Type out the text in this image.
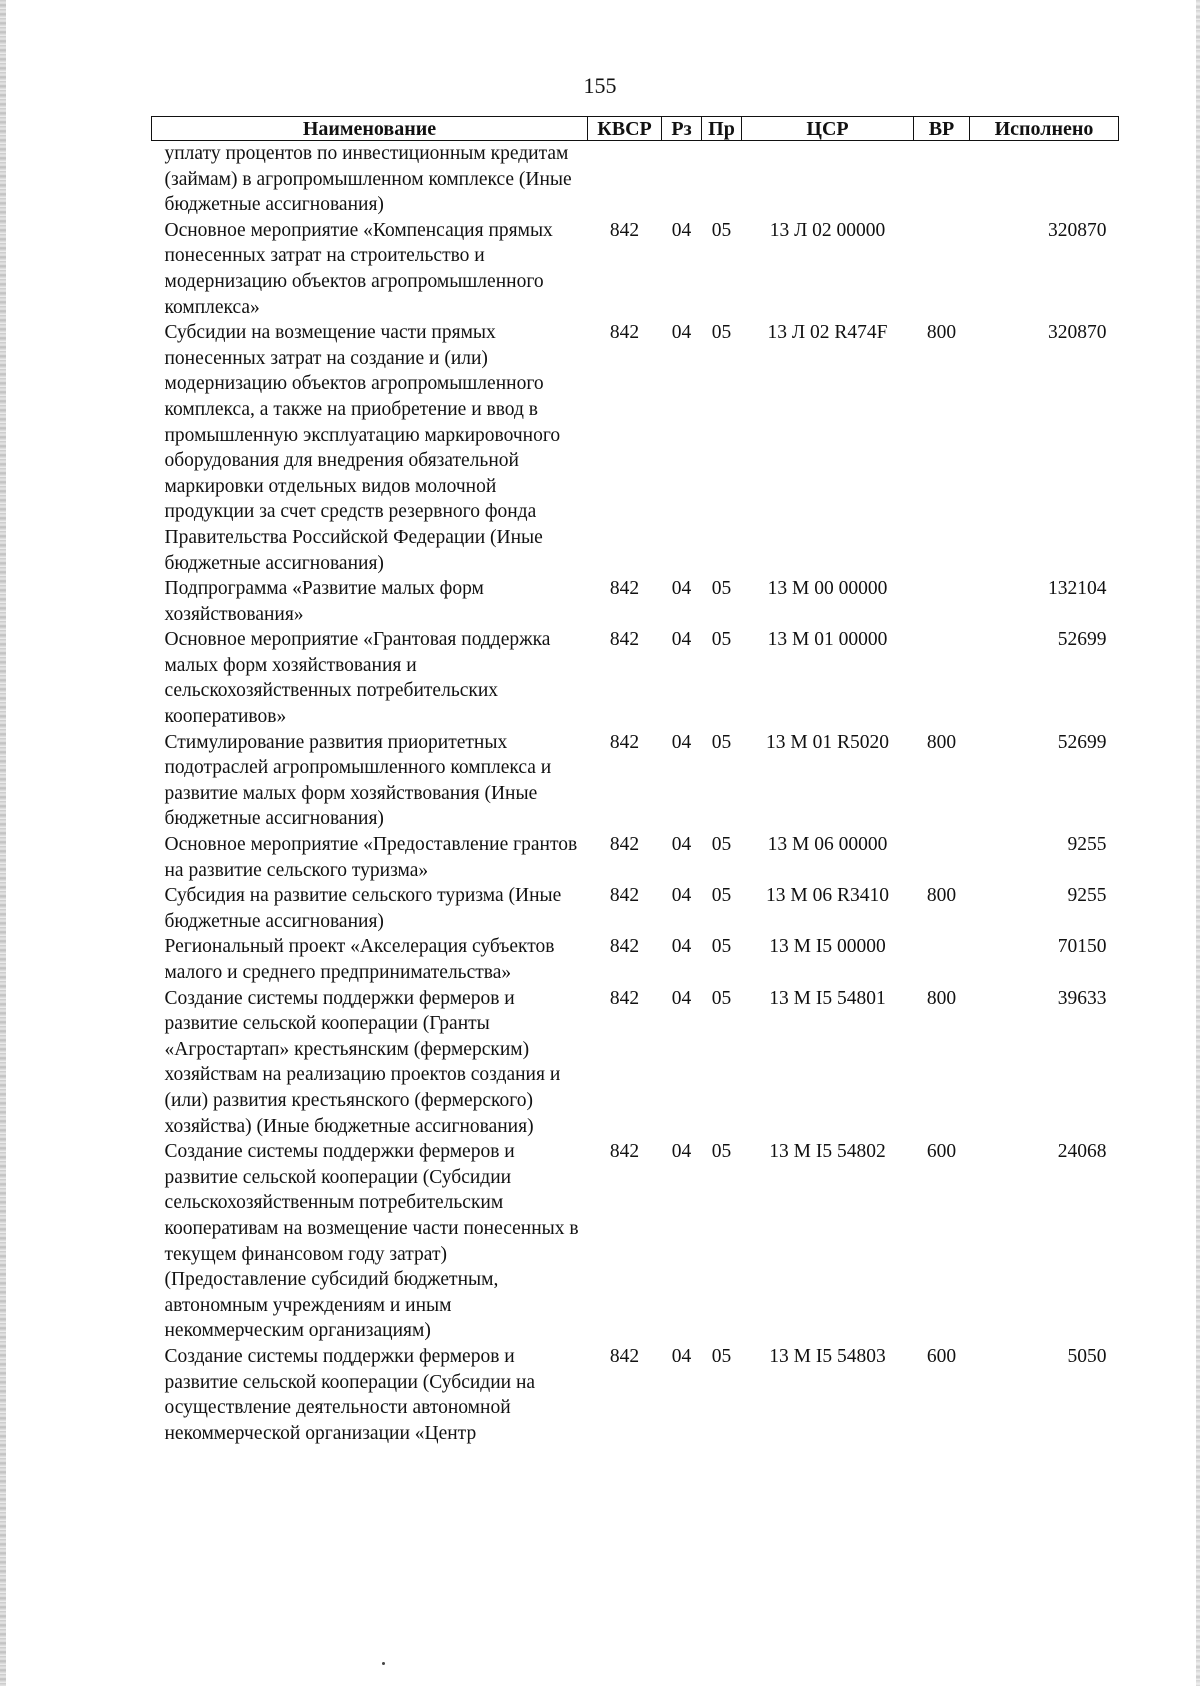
155
Наименование	КВСР	Рз	Пр	ЦСР	ВР	Исполнено
уплату процентов по инвестиционным кредитам (займам) в агропромышленном комплексе (Иные бюджетные ассигнования)						
Основное мероприятие «Компенсация прямых понесенных затрат на строительство и модернизацию объектов агропромышленного комплекса»	842	04	05	13 Л 02 00000		320870
Субсидии на возмещение части прямых понесенных затрат на создание и (или) модернизацию объектов агропромышленного комплекса, а также на приобретение и ввод в промышленную эксплуатацию маркировочного оборудования для внедрения обязательной маркировки отдельных видов молочной продукции за счет средств резервного фонда Правительства Российской Федерации (Иные бюджетные ассигнования)	842	04	05	13 Л 02 R474F	800	320870
Подпрограмма «Развитие малых форм хозяйствования»	842	04	05	13 М 00 00000		132104
Основное мероприятие «Грантовая поддержка малых форм хозяйствования и сельскохозяйственных потребительских кооперативов»	842	04	05	13 М 01 00000		52699
Стимулирование развития приоритетных подотраслей агропромышленного комплекса и развитие малых форм хозяйствования (Иные бюджетные ассигнования)	842	04	05	13 М 01 R5020	800	52699
Основное мероприятие «Предоставление грантов на развитие сельского туризма»	842	04	05	13 М 06 00000		9255
Субсидия на развитие сельского туризма (Иные бюджетные ассигнования)	842	04	05	13 М 06 R3410	800	9255
Региональный проект «Акселерация субъектов малого и среднего предпринимательства»	842	04	05	13 М I5 00000		70150
Создание системы поддержки фермеров и развитие сельской кооперации (Гранты «Агростартап» крестьянским (фермерским) хозяйствам на реализацию проектов создания и (или) развития крестьянского (фермерского) хозяйства) (Иные бюджетные ассигнования)	842	04	05	13 М I5 54801	800	39633
Создание системы поддержки фермеров и развитие сельской кооперации (Субсидии сельскохозяйственным потребительским кооперативам на возмещение части понесенных в текущем финансовом году затрат) (Предоставление субсидий бюджетным, автономным учреждениям и иным некоммерческим организациям)	842	04	05	13 М I5 54802	600	24068
Создание системы поддержки фермеров и развитие сельской кооперации (Субсидии на осуществление деятельности автономной некоммерческой организации «Центр	842	04	05	13 М I5 54803	600	5050
